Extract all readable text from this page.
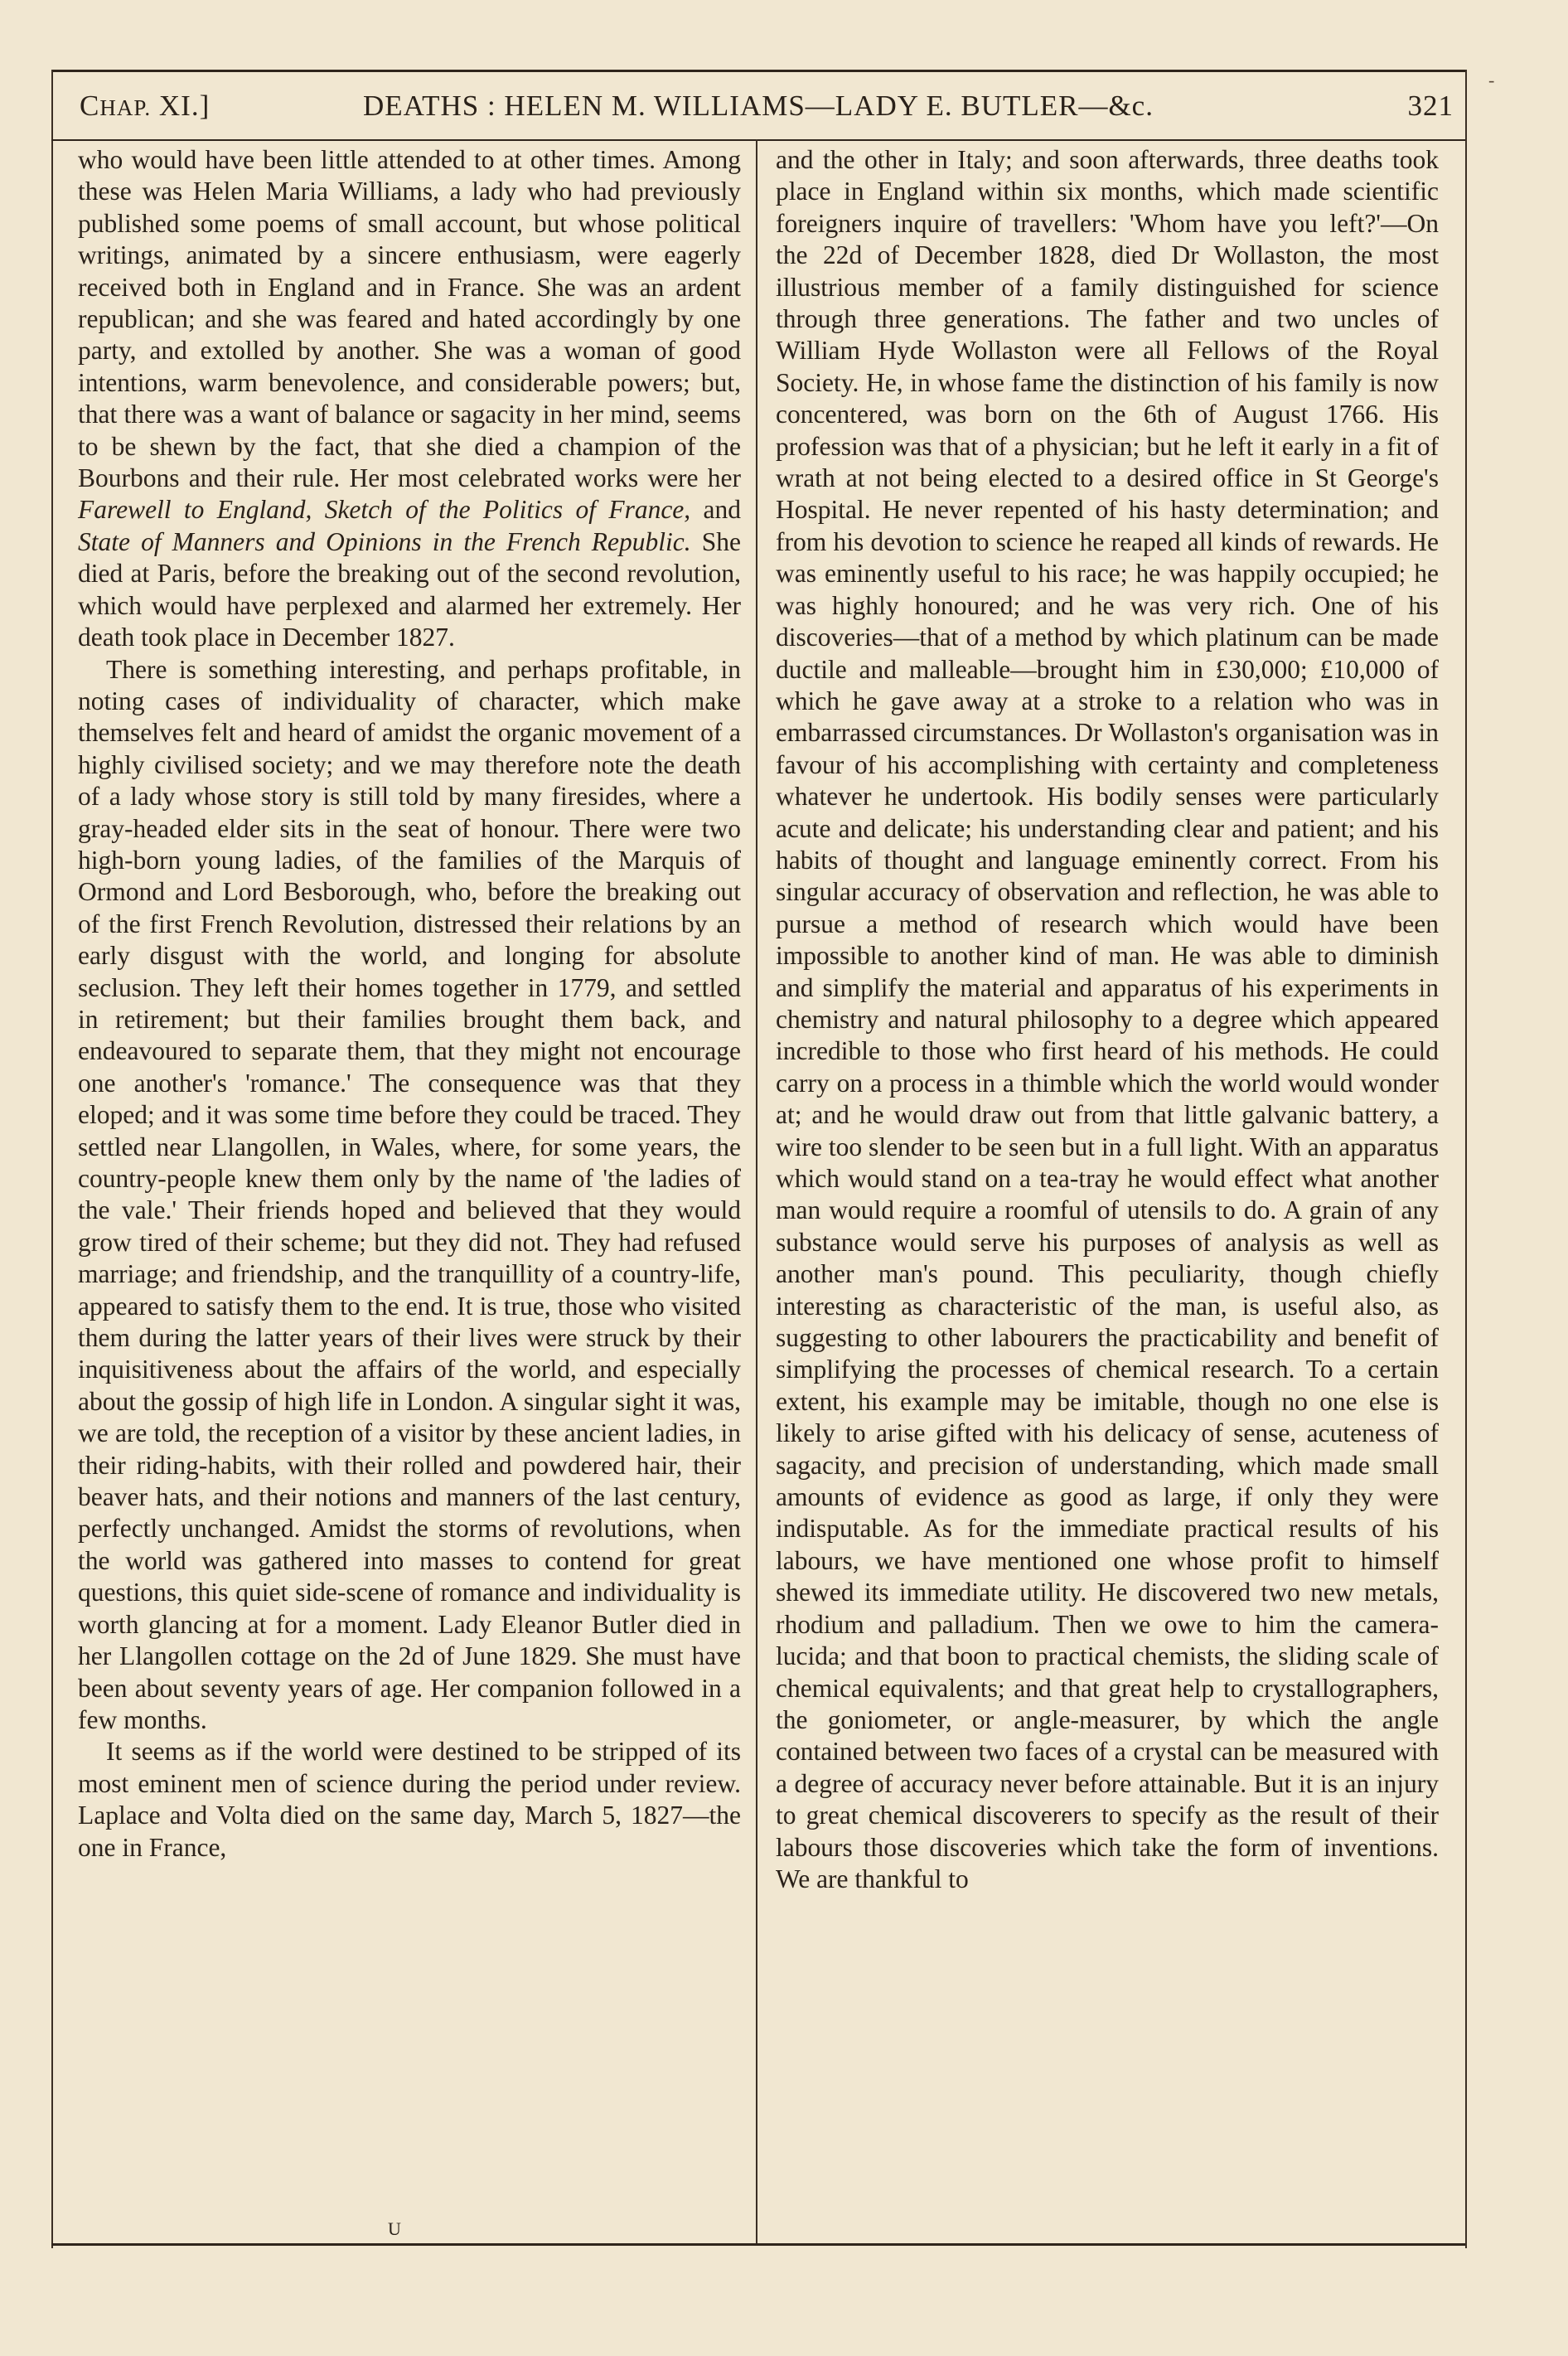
CHAP. XI.]	DEATHS : HELEN M. WILLIAMS—LADY E. BUTLER—&c.	321

who would have been little attended to at other times. Among these was Helen Maria Williams, a lady who had previously published some poems of small account, but whose political writings, animated by a sincere enthusiasm, were eagerly received both in England and in France. She was an ardent republican; and she was feared and hated accordingly by one party, and extolled by another. She was a woman of good intentions, warm benevolence, and considerable powers; but, that there was a want of balance or sagacity in her mind, seems to be shewn by the fact, that she died a champion of the Bourbons and their rule. Her most celebrated works were her Farewell to England, Sketch of the Politics of France, and State of Manners and Opinions in the French Republic. She died at Paris, before the breaking out of the second revolution, which would have perplexed and alarmed her extremely. Her death took place in December 1827.

There is something interesting, and perhaps profitable, in noting cases of individuality of character, which make themselves felt and heard of amidst the organic movement of a highly civilised society; and we may therefore note the death of a lady whose story is still told by many firesides, where a gray-headed elder sits in the seat of honour. There were two high-born young ladies, of the families of the Marquis of Ormond and Lord Besborough, who, before the breaking out of the first French Revolution, distressed their relations by an early disgust with the world, and longing for absolute seclusion. They left their homes together in 1779, and settled in retirement; but their families brought them back, and endeavoured to separate them, that they might not encourage one another's 'romance.' The consequence was that they eloped; and it was some time before they could be traced. They settled near Llangollen, in Wales, where, for some years, the country-people knew them only by the name of 'the ladies of the vale.' Their friends hoped and believed that they would grow tired of their scheme; but they did not. They had refused marriage; and friendship, and the tranquillity of a country-life, appeared to satisfy them to the end. It is true, those who visited them during the latter years of their lives were struck by their inquisitiveness about the affairs of the world, and especially about the gossip of high life in London. A singular sight it was, we are told, the reception of a visitor by these ancient ladies, in their riding-habits, with their rolled and powdered hair, their beaver hats, and their notions and manners of the last century, perfectly unchanged. Amidst the storms of revolutions, when the world was gathered into masses to contend for great questions, this quiet side-scene of romance and individuality is worth glancing at for a moment. Lady Eleanor Butler died in her Llangollen cottage on the 2d of June 1829. She must have been about seventy years of age. Her companion followed in a few months.

It seems as if the world were destined to be stripped of its most eminent men of science during the period under review. Laplace and Volta died on the same day, March 5, 1827—the one in France,

and the other in Italy; and soon afterwards, three deaths took place in England within six months, which made scientific foreigners inquire of travellers: 'Whom have you left?'—On the 22d of December 1828, died Dr Wollaston, the most illustrious member of a family distinguished for science through three generations. The father and two uncles of William Hyde Wollaston were all Fellows of the Royal Society. He, in whose fame the distinction of his family is now concentered, was born on the 6th of August 1766. His profession was that of a physician; but he left it early in a fit of wrath at not being elected to a desired office in St George's Hospital. He never repented of his hasty determination; and from his devotion to science he reaped all kinds of rewards. He was eminently useful to his race; he was happily occupied; he was highly honoured; and he was very rich. One of his discoveries—that of a method by which platinum can be made ductile and malleable—brought him in £30,000; £10,000 of which he gave away at a stroke to a relation who was in embarrassed circumstances. Dr Wollaston's organisation was in favour of his accomplishing with certainty and completeness whatever he undertook. His bodily senses were particularly acute and delicate; his understanding clear and patient; and his habits of thought and language eminently correct. From his singular accuracy of observation and reflection, he was able to pursue a method of research which would have been impossible to another kind of man. He was able to diminish and simplify the material and apparatus of his experiments in chemistry and natural philosophy to a degree which appeared incredible to those who first heard of his methods. He could carry on a process in a thimble which the world would wonder at; and he would draw out from that little galvanic battery, a wire too slender to be seen but in a full light. With an apparatus which would stand on a tea-tray he would effect what another man would require a roomful of utensils to do. A grain of any substance would serve his purposes of analysis as well as another man's pound. This peculiarity, though chiefly interesting as characteristic of the man, is useful also, as suggesting to other labourers the practicability and benefit of simplifying the processes of chemical research. To a certain extent, his example may be imitable, though no one else is likely to arise gifted with his delicacy of sense, acuteness of sagacity, and precision of understanding, which made small amounts of evidence as good as large, if only they were indisputable. As for the immediate practical results of his labours, we have mentioned one whose profit to himself shewed its immediate utility. He discovered two new metals, rhodium and palladium. Then we owe to him the camera-lucida; and that boon to practical chemists, the sliding scale of chemical equivalents; and that great help to crystallographers, the goniometer, or angle-measurer, by which the angle contained between two faces of a crystal can be measured with a degree of accuracy never before attainable. But it is an injury to great chemical discoverers to specify as the result of their labours those discoveries which take the form of inventions. We are thankful to

U
‐
